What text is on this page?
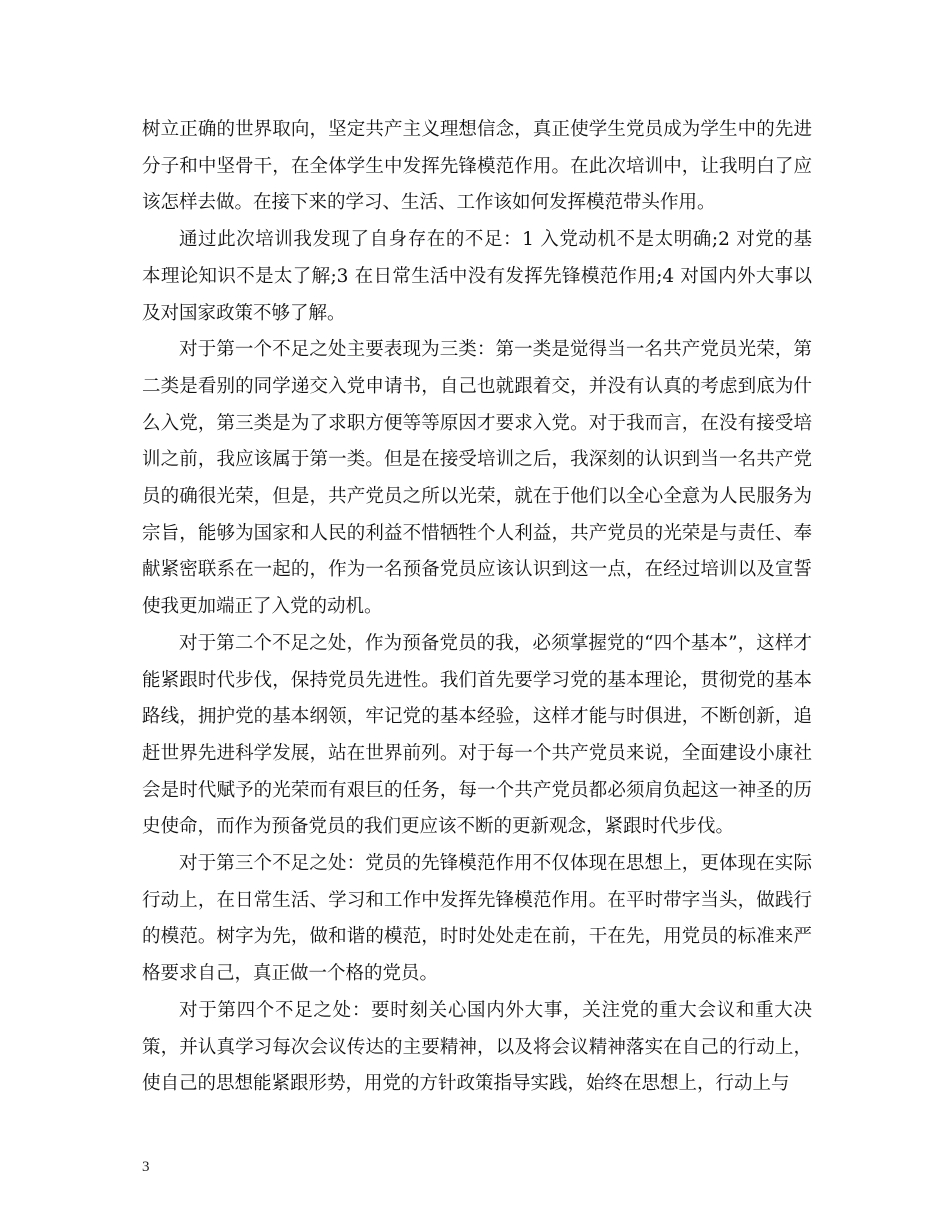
树立正确的世界取向，坚定共产主义理想信念，真正使学生党员成为学生中的先进分子和中坚骨干，在全体学生中发挥先锋模范作用。在此次培训中，让我明白了应该怎样去做。在接下来的学习、生活、工作该如何发挥模范带头作用。

通过此次培训我发现了自身存在的不足：1 入党动机不是太明确;2 对党的基本理论知识不是太了解;3 在日常生活中没有发挥先锋模范作用;4 对国内外大事以及对国家政策不够了解。

对于第一个不足之处主要表现为三类：第一类是觉得当一名共产党员光荣，第二类是看别的同学递交入党申请书，自己也就跟着交，并没有认真的考虑到底为什么入党，第三类是为了求职方便等等原因才要求入党。对于我而言，在没有接受培训之前，我应该属于第一类。但是在接受培训之后，我深刻的认识到当一名共产党员的确很光荣，但是，共产党员之所以光荣，就在于他们以全心全意为人民服务为宗旨，能够为国家和人民的利益不惜牺牲个人利益，共产党员的光荣是与责任、奉献紧密联系在一起的，作为一名预备党员应该认识到这一点，在经过培训以及宣誓使我更加端正了入党的动机。

对于第二个不足之处，作为预备党员的我，必须掌握党的“四个基本”，这样才能紧跟时代步伐，保持党员先进性。我们首先要学习党的基本理论，贯彻党的基本路线，拥护党的基本纲领，牢记党的基本经验，这样才能与时俱进，不断创新，追赶世界先进科学发展，站在世界前列。对于每一个共产党员来说，全面建设小康社会是时代赋予的光荣而有艰巨的任务，每一个共产党员都必须肩负起这一神圣的历史使命，而作为预备党员的我们更应该不断的更新观念，紧跟时代步伐。

对于第三个不足之处：党员的先锋模范作用不仅体现在思想上，更体现在实际行动上，在日常生活、学习和工作中发挥先锋模范作用。在平时带字当头，做践行的模范。树字为先，做和谐的模范，时时处处走在前，干在先，用党员的标准来严格要求自己，真正做一个格的党员。

对于第四个不足之处：要时刻关心国内外大事，关注党的重大会议和重大决策，并认真学习每次会议传达的主要精神，以及将会议精神落实在自己的行动上，使自己的思想能紧跟形势，用党的方针政策指导实践，始终在思想上，行动上与

3
